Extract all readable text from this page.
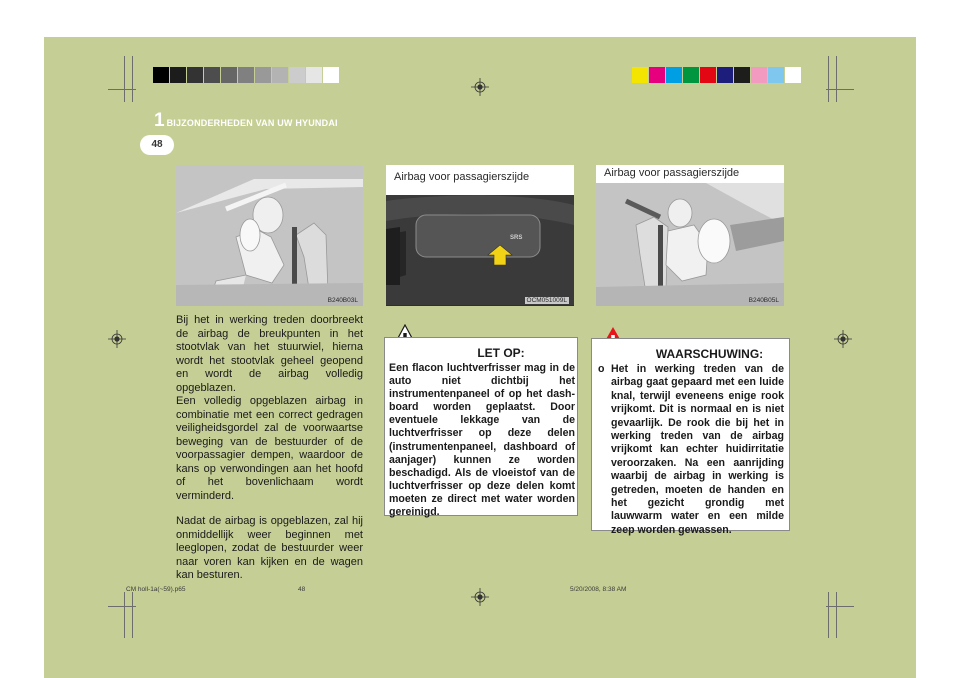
1 BIJZONDERHEDEN VAN UW HYUNDAI
48
B240B03L
Airbag voor passagierszijde
SRS
OCM051009L
Airbag voor passagierszijde
B240B05L

Bij het in werking treden doorbreekt de airbag de breukpunten in het stootvlak van het stuurwiel, hierna wordt het stootvlak geheel geopend en wordt de airbag volledig opgeblazen.
Een volledig opgeblazen airbag in combinatie met een correct gedragen veiligheidsgordel zal de voorwaartse beweging van de bestuurder of de voorpassagier dempen, waardoor de kans op verwondingen aan het hoofd of het bovenlichaam wordt verminderd.

Nadat de airbag is opgeblazen, zal hij onmiddellijk weer beginnen met leeglopen, zodat de bestuurder weer naar voren kan kijken en de wagen kan besturen.

LET OP:
Een flacon luchtverfrisser mag in de auto niet dichtbij het instrumentenpaneel of op het dash-board worden geplaatst. Door eventuele lekkage van de luchtverfrisser op deze delen (instrumentenpaneel, dashboard of aanjager) kunnen ze worden beschadigd. Als de vloeistof van de luchtverfrisser op deze delen komt moeten ze direct met water worden gereinigd.
WAARSCHUWING:
o Het in werking treden van de airbag gaat gepaard met een luide knal, terwijl eveneens enige rook vrijkomt. Dit is normaal en is niet gevaarlijk. De rook die bij het in werking treden van de airbag vrijkomt kan echter huidirritatie veroorzaken. Na een aanrijding waarbij de airbag in werking is getreden, moeten de handen en het gezicht grondig met lauwwarm water en een milde zeep worden gewassen.
CM holl-1a(~59).p65	48	5/20/2008, 8:38 AM
